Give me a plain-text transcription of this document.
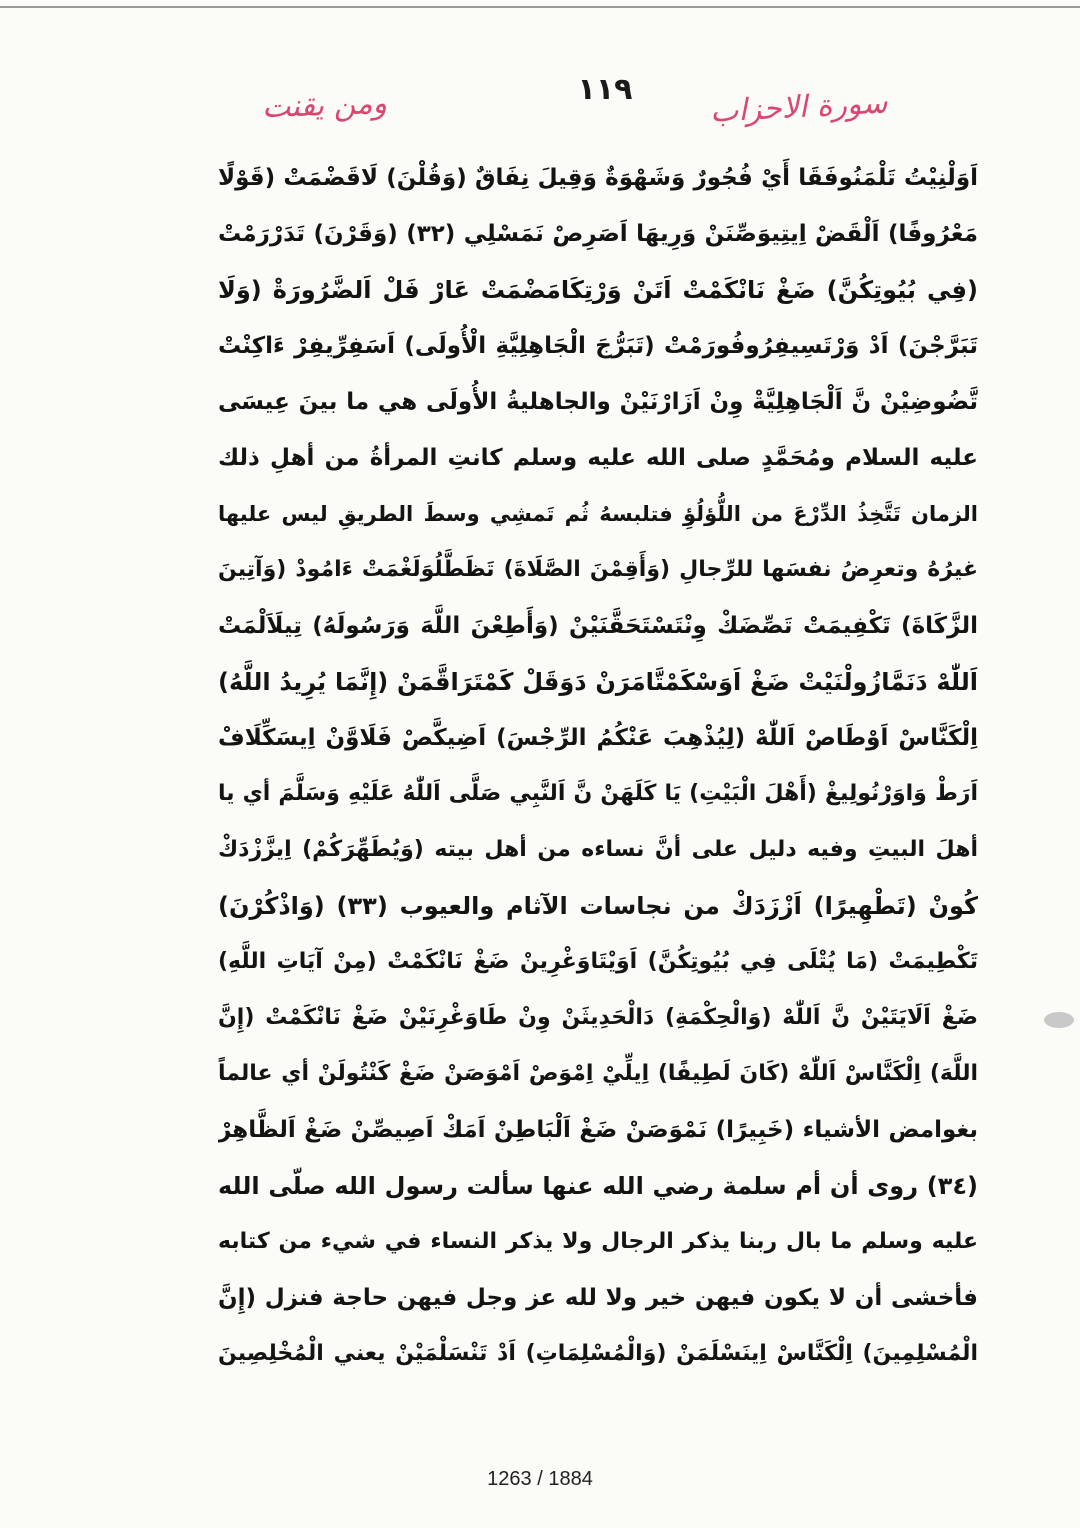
١١٩	سورة الاحزاب
ومن يقنت
اَوَلْنِيْتُ تَلْمَنُوفَقَا أَيْ فُجُورٌ وَشَهْوَةٌ وَقِيلَ نِفَاقٌ (وَقُلْنَ) لَاقَضْمَتْ (قَوْلًا
مَعْرُوفًا) اَلْقَضْ اِيتِيوَصِّنَنْ وَرِيهَا اَصَرِصْ نَمَسْلِي (٣٢) (وَقَرْنَ) تَدَرْرَمْتْ
(فِي بُيُوتِكُنَّ) ضَغْ نَانْكَمْتْ اَتَنْ وَرْتِكَامَضْمَتْ عَارْ فَلْ اَلضَّرُورَةْ (وَلَا
تَبَرَّجْنَ) اَدْ وَرْتَسِيفِرُوفُورَمْتْ (تَبَرُّجَ الْجَاهِلِيَّةِ الْأُولَى) اَسَفِرِّيفِرْ ءَاكِنْتْ
تَّضُوضِيْنْ نَّ اَلْجَاهِلِيَّةْ وِنْ اَزَارْنَيْنْ والجاهليةُ الأُولَى هي ما بينَ عِيسَى
عليه السلام ومُحَمَّدٍ صلى الله عليه وسلم كانتِ المرأةُ من أهلِ ذلك
الزمان تَتَّخِذُ الدِّرْعَ من اللُّؤلُؤِ فتلبسهُ ثُم تَمشِي وسطَ الطريقِ ليس عليها
غيرُهُ وتعرِضُ نفسَها للرِّجالِ (وَأَقِمْنَ الصَّلَاةَ) تَظَطَّلُوَلَغْمَتْ ءَامُودْ (وَآتِينَ
الزَّكَاةَ) تَكْفِيمَتْ تَصِّضَكْ وِنْتَسْتَحَقَّنَيْنْ (وَأَطِعْنَ اللَّهَ وَرَسُولَهُ) تِيلَاَلْمَتْ
اَللّٰهْ دَنَمَّازُولْنَيْتْ ضَغْ اَوَسْكَمْتَّامَرَنْ دَوَقَلْ كَمْتَرَاقَّمَنْ (إِنَّمَا يُرِيدُ اللَّهُ)
اِلْكَنَّاسْ اَوْطَاصْ اَللّٰهْ (لِيُذْهِبَ عَنْكُمُ الرِّجْسَ) اَضِيكَّصْ فَلَاوَّنْ اِيسَكِّلَافْ
اَرَطْ وَاوَرْنُولِيغْ (أَهْلَ الْبَيْتِ) يَا كَلَهَنْ نَّ اَلنَّبِي صَلَّى اَللّٰهُ عَلَيْهِ وَسَلَّمَ أي يا
أهلَ البيتِ وفيه دليل على أنَّ نساءه من أهل بيته (وَيُطَهِّرَكُمْ) اِيزَّزْدَكْ
كُونْ (تَطْهِيرًا) اَزْزَدَكْ من نجاسات الآثام والعيوب (٣٣) (وَاذْكُرْنَ)
تَكْطِيمَتْ (مَا يُتْلَى فِي بُيُوتِكُنَّ) اَوَيْتَاوَغْرِينْ ضَغْ نَانْكَمْتْ (مِنْ آيَاتِ اللَّهِ)
ضَغْ اَلَايَتَيْنْ نَّ اَللّٰهْ (وَالْحِكْمَةِ) دَالْحَدِيثَنْ وِنْ طَاوَغْرِنَيْنْ ضَغْ نَانْكَمْتْ (إِنَّ
اللَّهَ) اِلْكَنَّاسْ اَللّٰهْ (كَانَ لَطِيفًا) اِيلِّيْ اِمْوَصْ اَمْوَصَنْ ضَغْ كَنْتُولَنْ أي عالماً
بغوامض الأشياء (خَبِيرًا) نَمْوَصَنْ ضَغْ اَلْبَاطِنْ اَمَكْ اَصِيصِّنْ ضَغْ اَلظَّاهِرْ
(٣٤) روى أن أم سلمة رضي الله عنها سألت رسول الله صلّى الله
عليه وسلم ما بال ربنا يذكر الرجال ولا يذكر النساء في شيء من كتابه
فأخشى أن لا يكون فيهن خير ولا لله عز وجل فيهن حاجة فنزل (إِنَّ
الْمُسْلِمِينَ) اِلْكَنَّاسْ اِينَسْلَمَنْ (وَالْمُسْلِمَاتِ) اَدْ تَنْسَلْمَيْنْ يعني الْمُخْلِصِينَ
1263 / 1884
